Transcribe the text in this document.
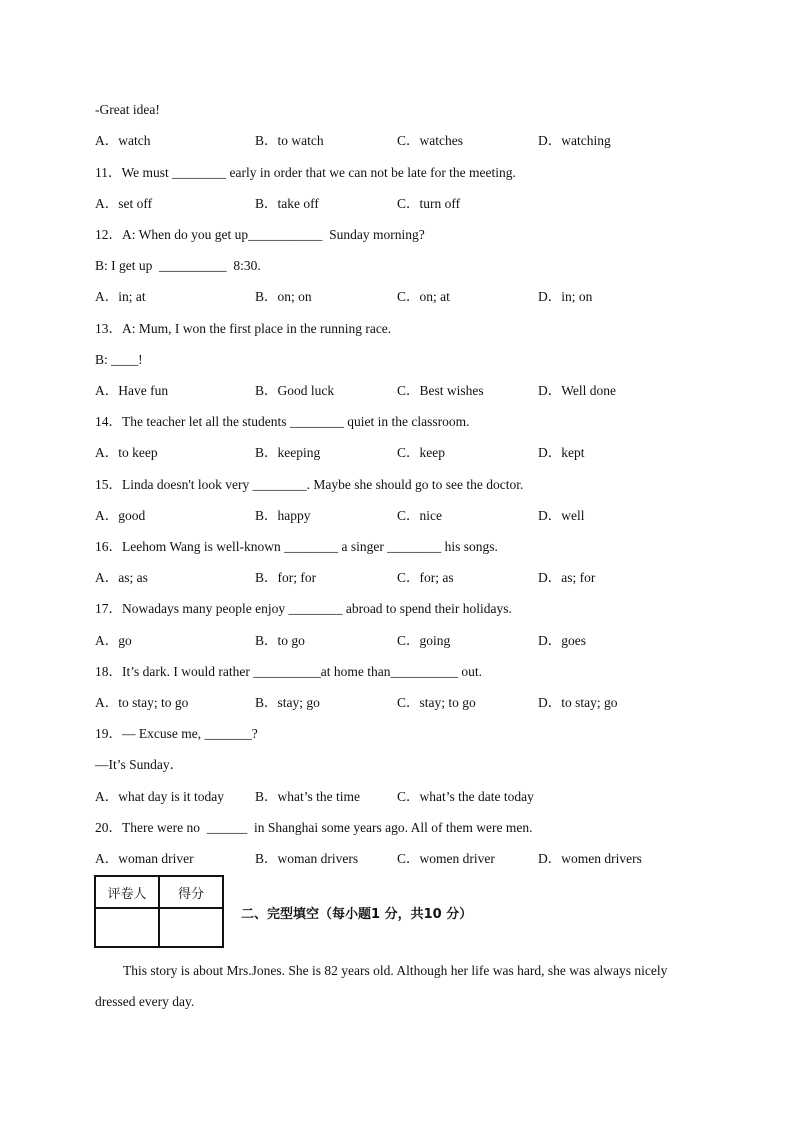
-Great idea!
A．watch	B．to watch	C．watches	D．watching
11．We must ________ early in order that we can not be late for the meeting.
A．set off	B．take off	C．turn off
12．A: When do you get up___________  Sunday morning?
B: I get up  __________  8:30.
A．in; at	B．on; on	C．on; at	D．in; on
13．A: Mum, I won the first place in the running race.
B: ____!
A．Have fun	B．Good luck	C．Best wishes	D．Well done
14．The teacher let all the students ________ quiet in the classroom.
A．to keep	B．keeping	C．keep	D．kept
15．Linda doesn't look very ________. Maybe she should go to see the doctor.
A．good	B．happy	C．nice	D．well
16．Leehom Wang is well-known ________ a singer ________ his songs.
A．as; as	B．for; for	C．for; as	D．as; for
17．Nowadays many people enjoy ________ abroad to spend their holidays.
A．go	B．to go	C．going	D．goes
18．It’s dark. I would rather __________at home than__________ out.
A．to stay; to go	B．stay; go	C．stay; to go	D．to stay; go
19．— Excuse me, _______?
—It’s Sunday．
A．what day is it today B．what’s the time	C．what’s the date today
20．There were no  ______  in Shanghai some years ago. All of them were men.
A．woman driver	B．woman drivers	C．women driver	D．women drivers
评卷人	得分

二、完型填空（每小题1 分，共10 分）

This story is about Mrs.Jones. She is 82 years old. Although her life was hard, she was always nicely dressed every day.
